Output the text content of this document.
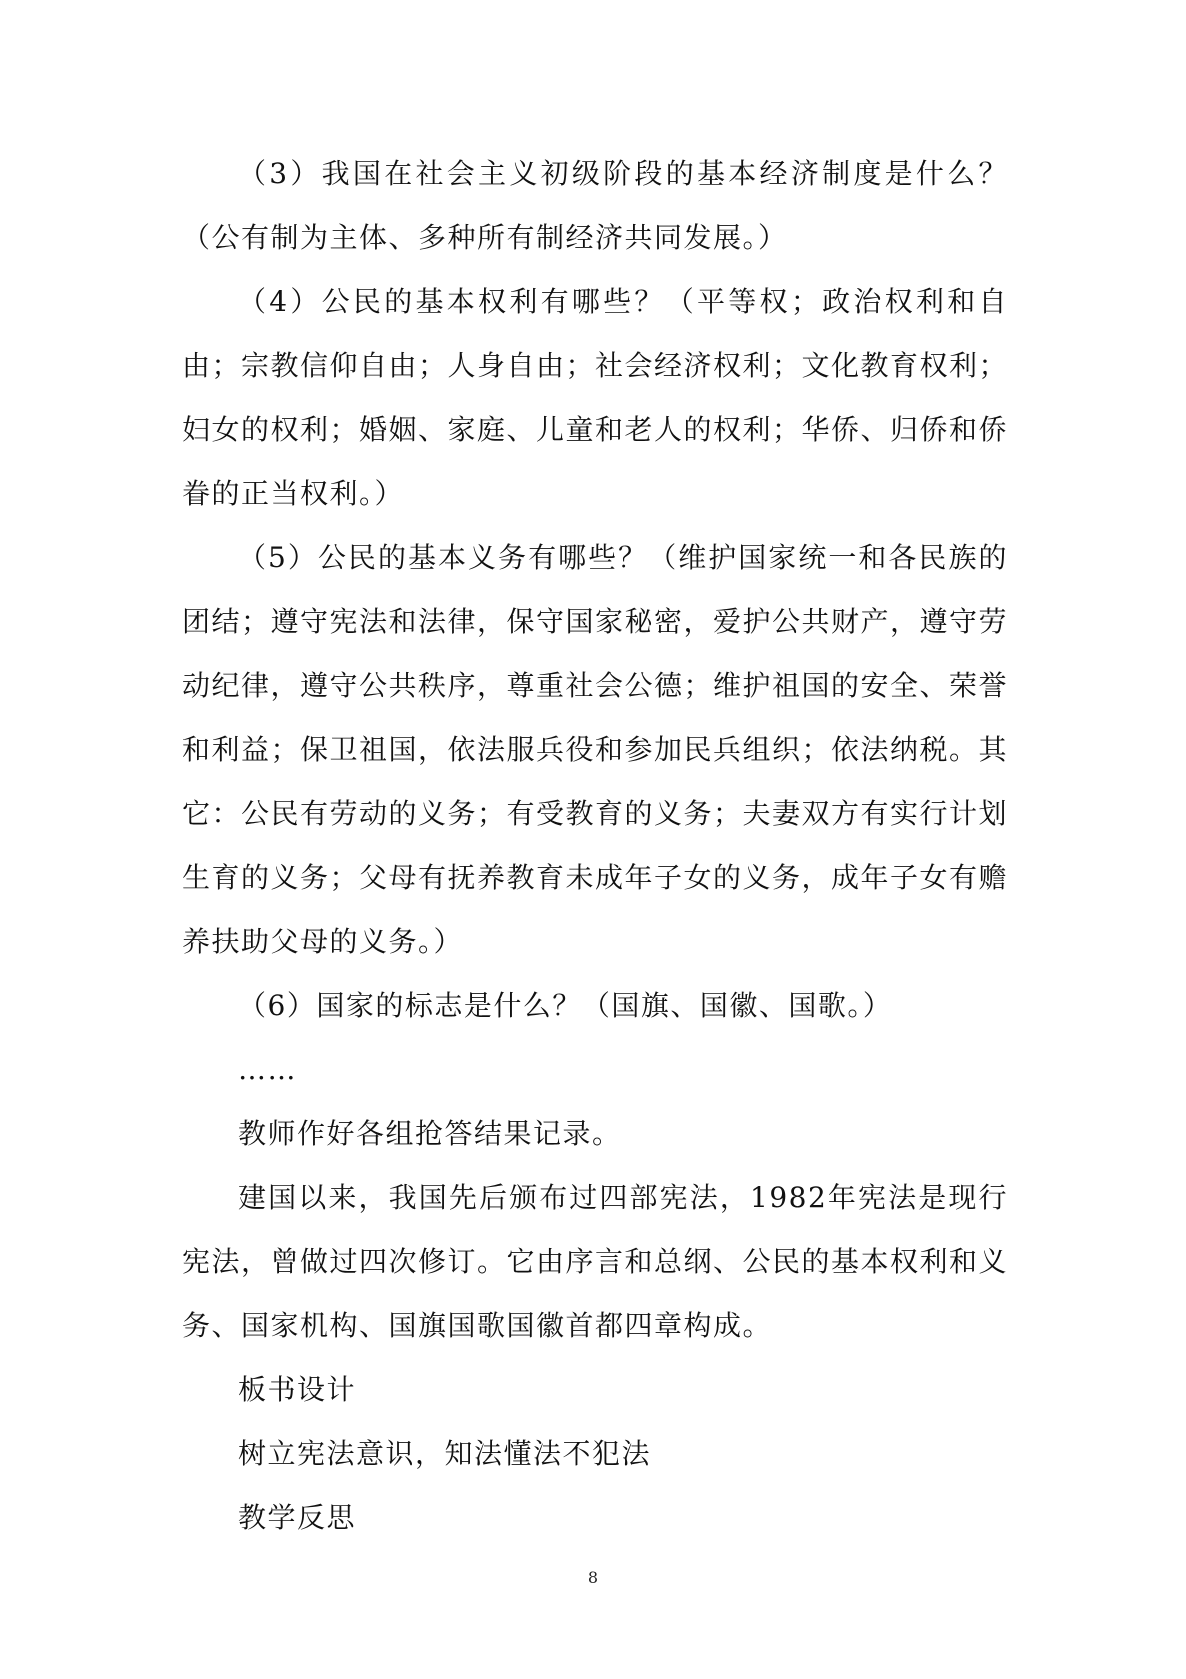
（3）我国在社会主义初级阶段的基本经济制度是什么？（公有制为主体、多种所有制经济共同发展。）

（4）公民的基本权利有哪些？（平等权；政治权利和自由；宗教信仰自由；人身自由；社会经济权利；文化教育权利；妇女的权利；婚姻、家庭、儿童和老人的权利；华侨、归侨和侨眷的正当权利。）

（5）公民的基本义务有哪些？（维护国家统一和各民族的团结；遵守宪法和法律，保守国家秘密，爱护公共财产，遵守劳动纪律，遵守公共秩序，尊重社会公德；维护祖国的安全、荣誉和利益；保卫祖国，依法服兵役和参加民兵组织；依法纳税。其它：公民有劳动的义务；有受教育的义务；夫妻双方有实行计划生育的义务；父母有抚养教育未成年子女的义务，成年子女有赡养扶助父母的义务。）

（6）国家的标志是什么？（国旗、国徽、国歌。）

……

教师作好各组抢答结果记录。

建国以来，我国先后颁布过四部宪法，1982年宪法是现行宪法，曾做过四次修订。它由序言和总纲、公民的基本权利和义务、国家机构、国旗国歌国徽首都四章构成。

板书设计

树立宪法意识，知法懂法不犯法

教学反思

8
